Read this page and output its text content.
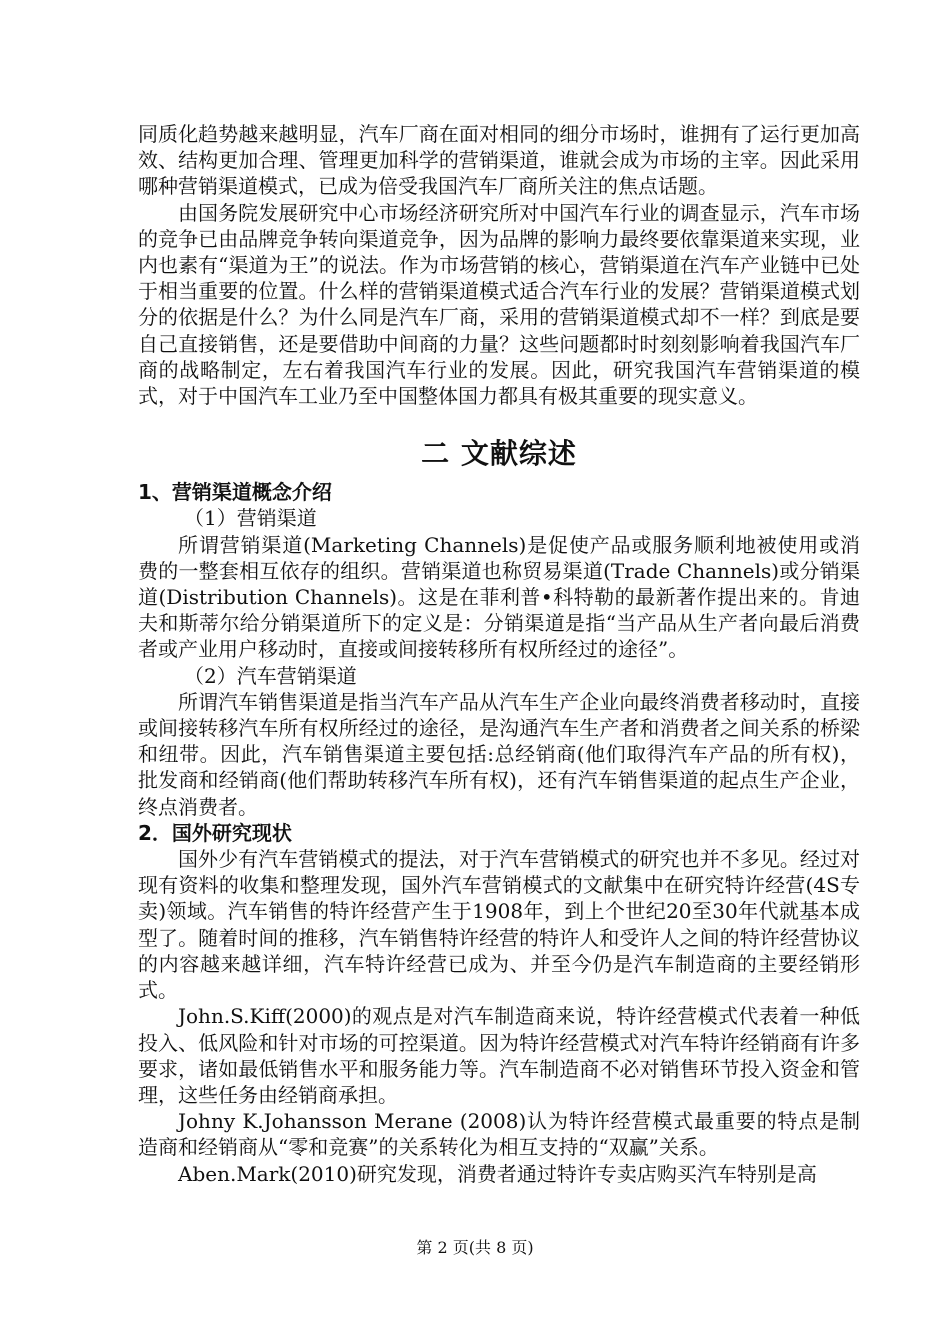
同质化趋势越来越明显，汽车厂商在面对相同的细分市场时，谁拥有了运行更加高效、结构更加合理、管理更加科学的营销渠道，谁就会成为市场的主宰。因此采用哪种营销渠道模式，已成为倍受我国汽车厂商所关注的焦点话题。

由国务院发展研究中心市场经济研究所对中国汽车行业的调查显示，汽车市场的竞争已由品牌竞争转向渠道竞争，因为品牌的影响力最终要依靠渠道来实现，业内也素有“渠道为王”的说法。作为市场营销的核心，营销渠道在汽车产业链中已处于相当重要的位置。什么样的营销渠道模式适合汽车行业的发展？营销渠道模式划分的依据是什么？为什么同是汽车厂商，采用的营销渠道模式却不一样？到底是要自己直接销售，还是要借助中间商的力量？这些问题都时时刻刻影响着我国汽车厂商的战略制定，左右着我国汽车行业的发展。因此，研究我国汽车营销渠道的模式，对于中国汽车工业乃至中国整体国力都具有极其重要的现实意义。

二 文献综述
1、营销渠道概念介绍

（1）营销渠道

所谓营销渠道(Marketing Channels)是促使产品或服务顺利地被使用或消费的一整套相互依存的组织。营销渠道也称贸易渠道(Trade Channels)或分销渠道(Distribution Channels)。这是在菲利普•科特勒的最新著作提出来的。肯迪夫和斯蒂尔给分销渠道所下的定义是：分销渠道是指“当产品从生产者向最后消费者或产业用户移动时，直接或间接转移所有权所经过的途径”。

（2）汽车营销渠道

所谓汽车销售渠道是指当汽车产品从汽车生产企业向最终消费者移动时，直接或间接转移汽车所有权所经过的途径，是沟通汽车生产者和消费者之间关系的桥梁和纽带。因此，汽车销售渠道主要包括:总经销商(他们取得汽车产品的所有权)，批发商和经销商(他们帮助转移汽车所有权)，还有汽车销售渠道的起点生产企业，终点消费者。

2．国外研究现状

国外少有汽车营销模式的提法，对于汽车营销模式的研究也并不多见。经过对现有资料的收集和整理发现，国外汽车营销模式的文献集中在研究特许经营(4S专卖)领域。汽车销售的特许经营产生于1908年，到上个世纪20至30年代就基本成型了。随着时间的推移，汽车销售特许经营的特许人和受许人之间的特许经营协议的内容越来越详细，汽车特许经营已成为、并至今仍是汽车制造商的主要经销形式。

John.S.Kiff(2000)的观点是对汽车制造商来说，特许经营模式代表着一种低投入、低风险和针对市场的可控渠道。因为特许经营模式对汽车特许经销商有许多要求，诸如最低销售水平和服务能力等。汽车制造商不必对销售环节投入资金和管理，这些任务由经销商承担。

Johny K.Johansson Merane (2008)认为特许经营模式最重要的特点是制造商和经销商从“零和竞赛”的关系转化为相互支持的“双赢”关系。

Aben.Mark(2010)研究发现，消费者通过特许专卖店购买汽车特别是高

第 2 页(共 8 页)
